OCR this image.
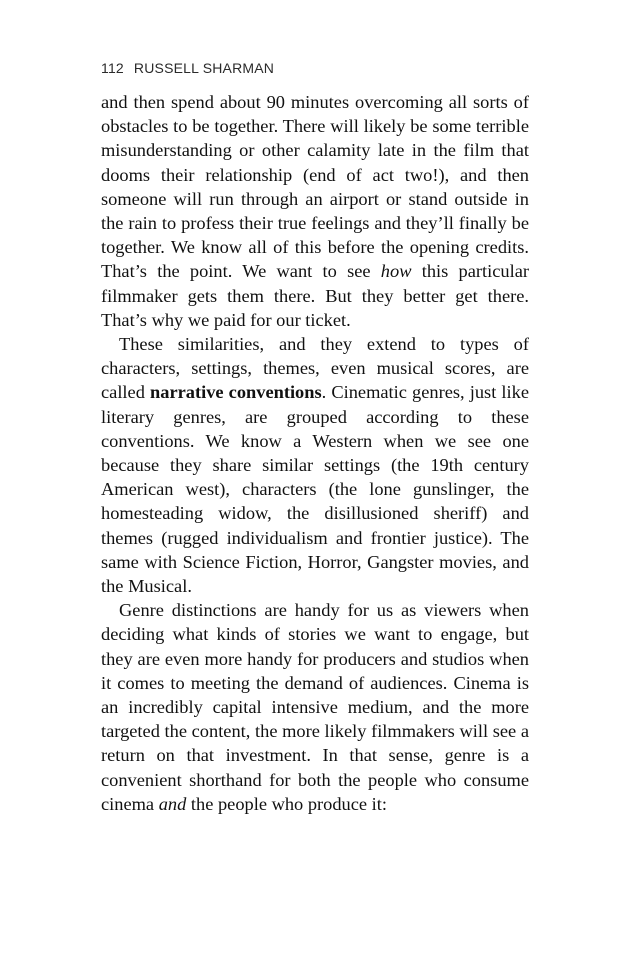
112 RUSSELL SHARMAN

and then spend about 90 minutes overcoming all sorts of obstacles to be together. There will likely be some terrible misunderstanding or other calamity late in the film that dooms their relationship (end of act two!), and then someone will run through an airport or stand outside in the rain to profess their true feelings and they’ll finally be together. We know all of this before the opening credits. That’s the point. We want to see how this particular filmmaker gets them there. But they better get there. That’s why we paid for our ticket.

These similarities, and they extend to types of characters, settings, themes, even musical scores, are called narrative conventions. Cinematic genres, just like literary genres, are grouped according to these conventions. We know a Western when we see one because they share similar settings (the 19th century American west), characters (the lone gunslinger, the homesteading widow, the disillusioned sheriff) and themes (rugged individualism and frontier justice). The same with Science Fiction, Horror, Gangster movies, and the Musical.

Genre distinctions are handy for us as viewers when deciding what kinds of stories we want to engage, but they are even more handy for producers and studios when it comes to meeting the demand of audiences. Cinema is an incredibly capital intensive medium, and the more targeted the content, the more likely filmmakers will see a return on that investment. In that sense, genre is a convenient shorthand for both the people who consume cinema and the people who produce it:
